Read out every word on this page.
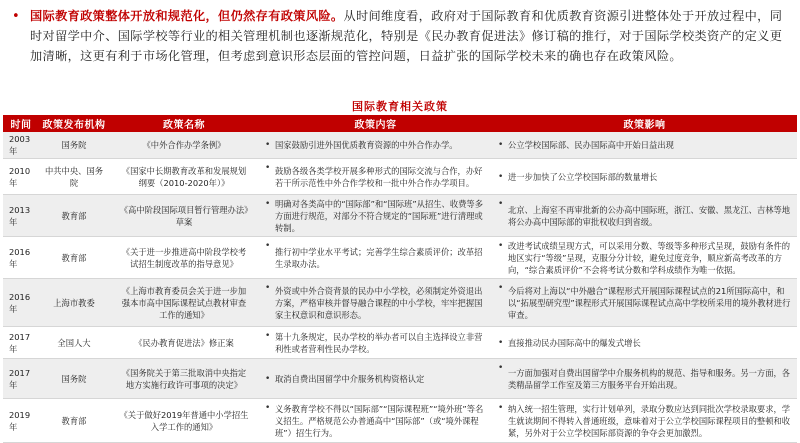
• 国际教育政策整体开放和规范化，但仍然存有政策风险。从时间维度看，政府对于国际教育和优质教育资源引进整体处于开放过程中，同时对留学中介、国际学校等行业的相关管理机制也逐渐规范化，特别是《民办教育促进法》修订稿的推行，对于国际学校类资产的定义更加清晰，这更有利于市场化管理，但考虑到意识形态层面的管控问题，日益扩张的国际学校未来的确也存在政策风险。

国际教育相关政策
时间	政策发布机构	政策名称	政策内容	政策影响
2003年	国务院	《中外合作办学条例》	• 国家鼓励引进外国优质教育资源的中外合作办学。	• 公立学校国际部、民办国际高中开始日益出现
2010年	中共中央、国务院	《国家中长期教育改革和发展规划纲要（2010-2020年）》	• 鼓励各级各类学校开展多种形式的国际交流与合作，办好若干所示范性中外合作学校和一批中外合作办学项目。	• 进一步加快了公立学校国际部的数量增长
2013年	教育部	《高中阶段国际项目暂行管理办法》草案	• 明确对各类高中的“国际部”和“国际班”从招生、收费等多方面进行规范，对部分不符合规定的“国际班”进行清理或转制。	• 北京、上海室不再审批新的公办高中国际班，浙江、安徽、黑龙江、吉林等地将公办高中国际部的审批权收归到省级。
2016年	教育部	《关于进一步推进高中阶段学校考试招生制度改革的指导意见》	• 推行初中学业水平考试；完善学生综合素质评价；改革招生录取办法。	• 改进考试成绩呈现方式，可以采用分数、等级等多种形式呈现，鼓励有条件的地区实行“等级”呈现，克服分分计较，避免过度竞争，顺应新高考改革的方向，“综合素质评价”不会将考试分数和学科成绩作为唯一依据。
2016年	上海市教委	《上海市教育委员会关于进一步加强本市高中国际课程试点教材审查工作的通知》	• 外资或中外合资背景的民办中小学校，必须制定外资退出方案，严格审核并督导融合课程的中小学校，牢牢把握国家主权意识和意识形态。	• 今后将对上海以“中外融合”课程形式开展国际课程试点的21所国际高中，和以“拓展型研究型”课程形式开展国际课程试点高中学校所采用的境外教材进行审查。
2017年	全国人大	《民办教育促进法》修正案	• 第十九条规定，民办学校的举办者可以自主选择设立非营利性或者营利性民办学校。	• 直接推动民办国际高中的爆发式增长
2017年	国务院	《国务院关于第三批取消中央指定地方实施行政许可事项的决定》	• 取消自费出国留学中介服务机构资格认定	• 一方面加强对自费出国留学中介服务机构的规范、指导和服务。另一方面，各类精品留学工作室及第三方服务平台开始出现。
2019年	教育部	《关于做好2019年普通中小学招生入学工作的通知》	• 义务教育学校不得以“国际部”“国际课程班”“境外班”等名义招生。严格规范公办普通高中“国际部”（或“境外课程班”）招生行为。	• 纳入统一招生管理，实行计划单列，录取分数应达到同批次学校录取要求，学生就读期间不得转入普通班级，意味着对于公立学校国际课程项目的整顿和收紧，另外对于公立学校国际部资源的争夺会更加激烈。
